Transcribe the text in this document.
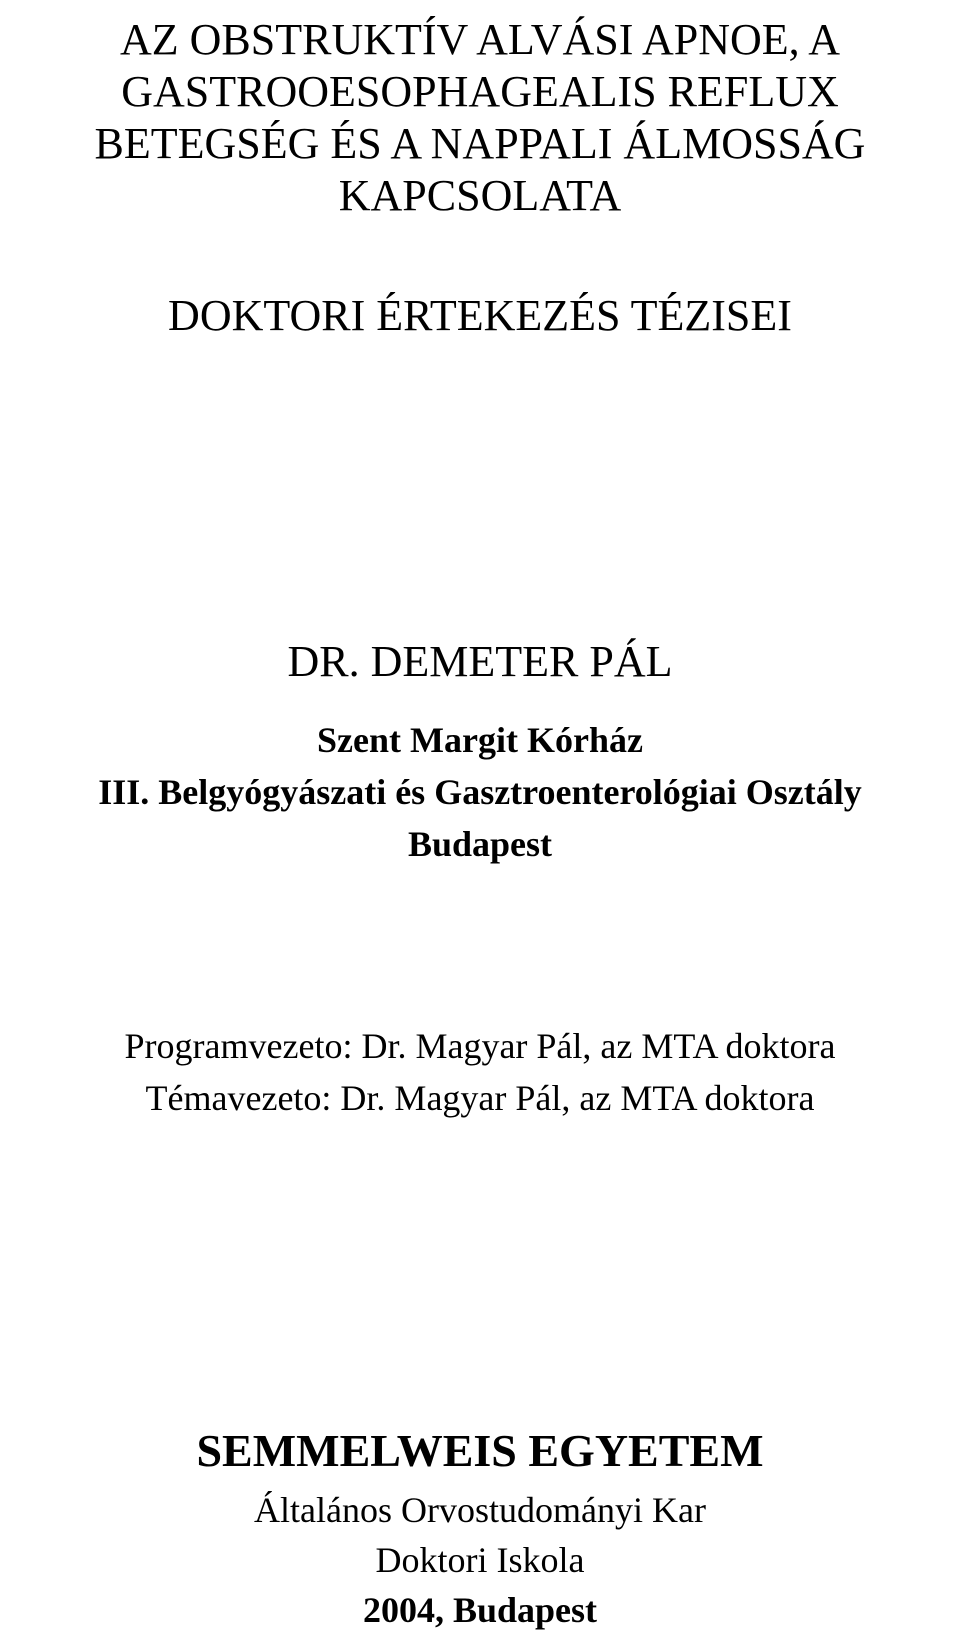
AZ OBSTRUKTÍV ALVÁSI APNOE, A
GASTROOESOPHAGEALIS REFLUX
BETEGSÉG ÉS A NAPPALI ÁLMOSSÁG
KAPCSOLATA
DOKTORI ÉRTEKEZÉS TÉZISEI
DR. DEMETER PÁL
Szent Margit Kórház
III. Belgyógyászati és Gasztroenterológiai Osztály
Budapest
Programvezeto: Dr. Magyar Pál, az MTA doktora
Témavezeto: Dr. Magyar Pál, az MTA doktora
SEMMELWEIS EGYETEM
Általános Orvostudományi Kar
Doktori Iskola
2004, Budapest
